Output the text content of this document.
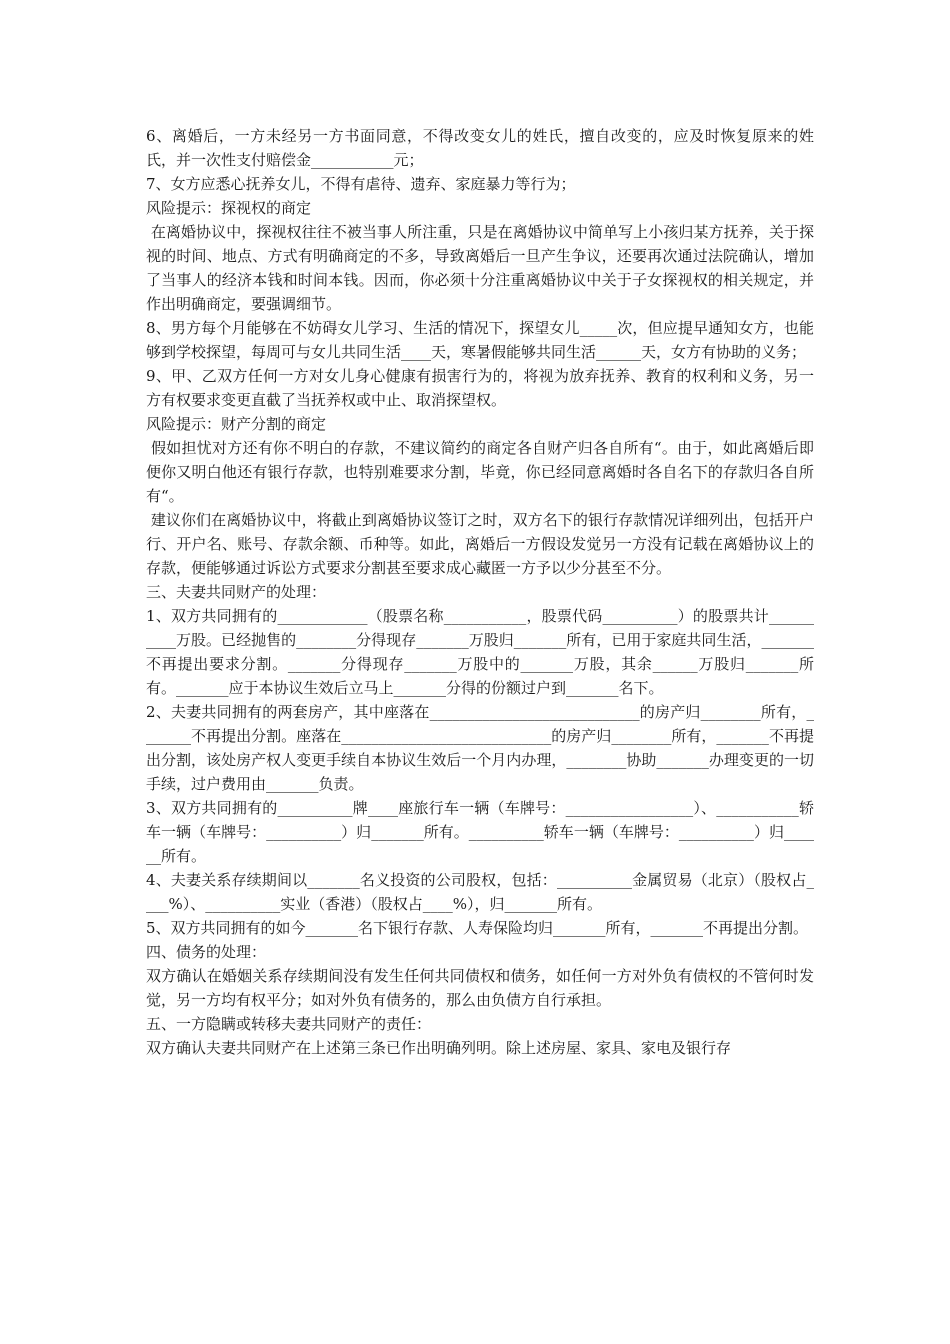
6、离婚后，一方未经另一方书面同意，不得改变女儿的姓氏，擅自改变的，应及时恢复原来的姓氏，并一次性支付赔偿金___________元；

7、女方应悉心抚养女儿，不得有虐待、遗弃、家庭暴力等行为；

风险提示：探视权的商定

在离婚协议中，探视权往往不被当事人所注重，只是在离婚协议中简单写上小孩归某方抚养，关于探视的时间、地点、方式有明确商定的不多，导致离婚后一旦产生争议，还要再次通过法院确认，增加了当事人的经济本钱和时间本钱。因而，你必须十分注重离婚协议中关于子女探视权的相关规定，并作出明确商定，要强调细节。

8、男方每个月能够在不妨碍女儿学习、生活的情况下，探望女儿_____次，但应提早通知女方，也能够到学校探望，每周可与女儿共同生活____天，寒暑假能够共同生活______天，女方有协助的义务；

9、甲、乙双方任何一方对女儿身心健康有损害行为的，将视为放弃抚养、教育的权利和义务，另一方有权要求变更直截了当抚养权或中止、取消探望权。

风险提示：财产分割的商定

假如担忧对方还有你不明白的存款，不建议简约的商定各自财产归各自所有“。由于，如此离婚后即便你又明白他还有银行存款，也特别难要求分割，毕竟，你已经同意离婚时各自名下的存款归各自所有“。

建议你们在离婚协议中，将截止到离婚协议签订之时，双方名下的银行存款情况详细列出，包括开户行、开户名、账号、存款余额、币种等。如此，离婚后一方假设发觉另一方没有记载在离婚协议上的存款，便能够通过诉讼方式要求分割甚至要求成心藏匿一方予以少分甚至不分。

三、夫妻共同财产的处理：

1、双方共同拥有的____________（股票名称___________，股票代码__________）的股票共计__________万股。已经抛售的________分得现存_______万股归_______所有，已用于家庭共同生活，_______不再提出要求分割。_______分得现存_______万股中的_______万股，其余______万股归_______所有。_______应于本协议生效后立马上_______分得的份额过户到_______名下。

2、夫妻共同拥有的两套房产，其中座落在____________________________的房产归________所有，_______不再提出分割。座落在____________________________的房产归________所有，_______不再提出分割，该处房产权人变更手续自本协议生效后一个月内办理，________协助_______办理变更的一切手续，过户费用由_______负责。

3、双方共同拥有的__________牌____座旅行车一辆（车牌号：_________________）、___________轿车一辆（车牌号：__________）归_______所有。__________轿车一辆（车牌号：__________）归______所有。

4、夫妻关系存续期间以_______名义投资的公司股权，包括：__________金属贸易（北京）（股权占____%）、__________实业（香港）（股权占____%），归_______所有。

5、双方共同拥有的如今_______名下银行存款、人寿保险均归_______所有，_______不再提出分割。

四、债务的处理：

双方确认在婚姻关系存续期间没有发生任何共同债权和债务，如任何一方对外负有债权的不管何时发觉，另一方均有权平分；如对外负有债务的，那么由负债方自行承担。

五、一方隐瞒或转移夫妻共同财产的责任：

双方确认夫妻共同财产在上述第三条已作出明确列明。除上述房屋、家具、家电及银行存
